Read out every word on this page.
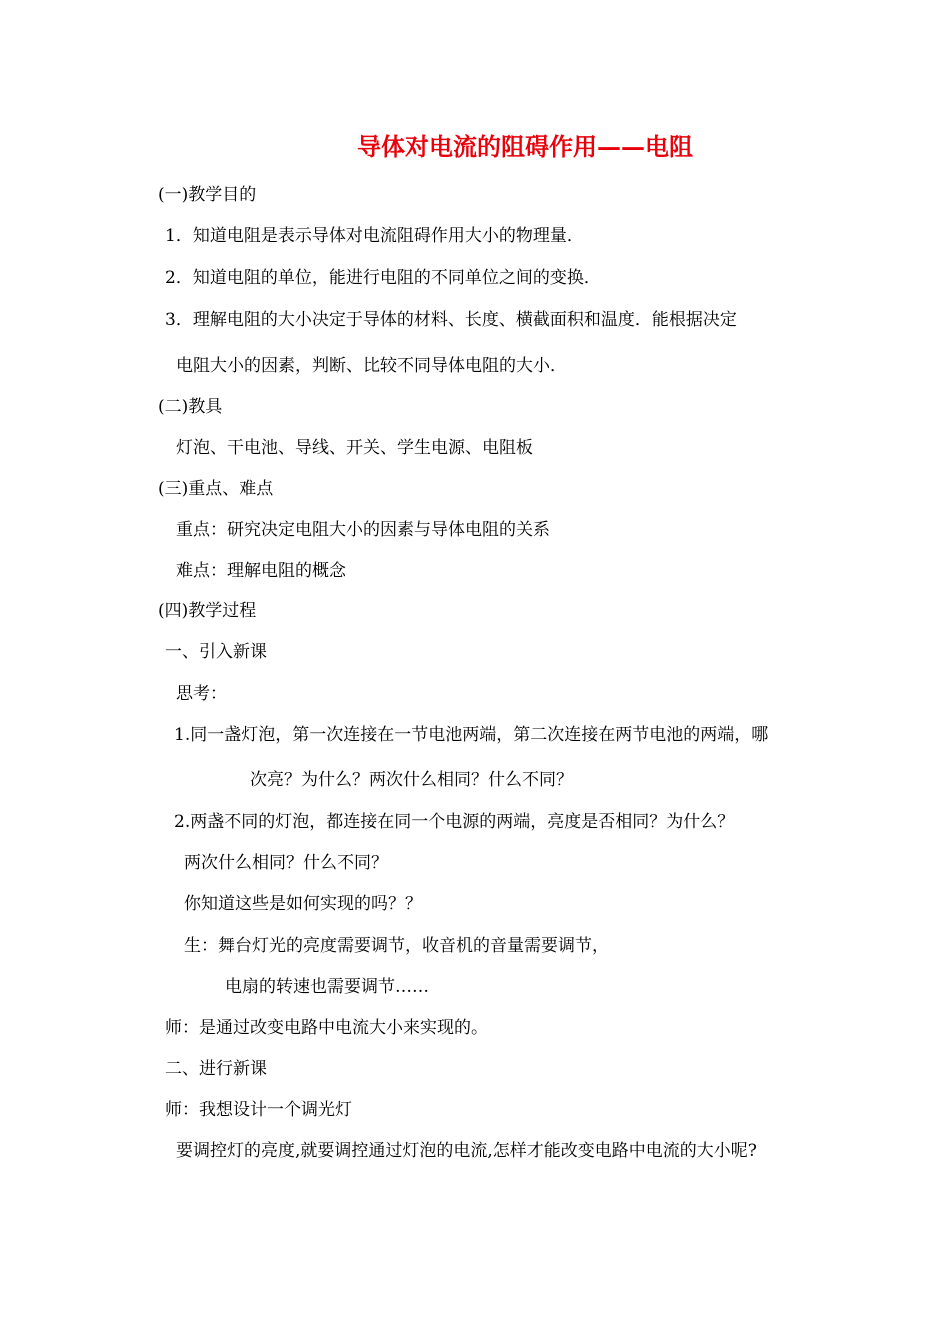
导体对电流的阻碍作用——电阻
(一)教学目的
1．知道电阻是表示导体对电流阻碍作用大小的物理量．
2．知道电阻的单位，能进行电阻的不同单位之间的变换．
3．理解电阻的大小决定于导体的材料、长度、横截面积和温度．能根据决定
电阻大小的因素，判断、比较不同导体电阻的大小．
(二)教具
灯泡、干电池、导线、开关、学生电源、电阻板
(三)重点、难点
重点：研究决定电阻大小的因素与导体电阻的关系
难点：理解电阻的概念
(四)教学过程
一、引入新课
思考：
1.同一盏灯泡，第一次连接在一节电池两端，第二次连接在两节电池的两端，哪
次亮？为什么？两次什么相同？什么不同？
2.两盏不同的灯泡，都连接在同一个电源的两端，亮度是否相同？为什么？
两次什么相同？什么不同？
你知道这些是如何实现的吗？？
生：舞台灯光的亮度需要调节，收音机的音量需要调节，
电扇的转速也需要调节……
师：是通过改变电路中电流大小来实现的。
二、进行新课
师：我想设计一个调光灯
要调控灯的亮度,就要调控通过灯泡的电流,怎样才能改变电路中电流的大小呢?
